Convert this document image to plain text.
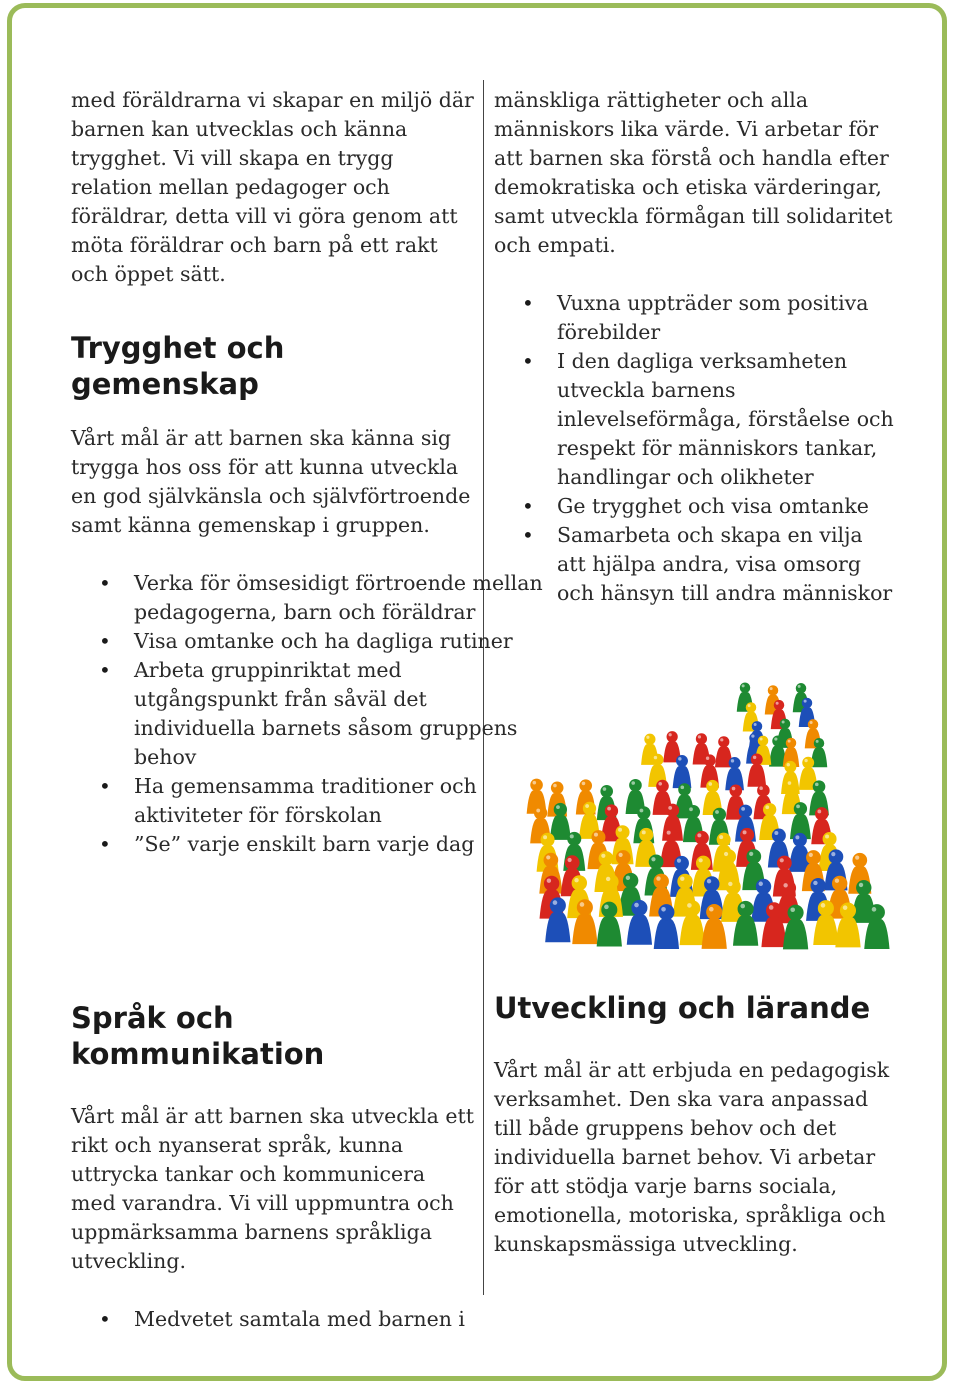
med föräldrarna vi skapar en miljö där barnen kan utvecklas och känna trygghet. Vi vill skapa en trygg relation mellan pedagoger och föräldrar, detta vill vi göra genom att möta föräldrar och barn på ett rakt och öppet sätt.

Trygghet och gemenskap

Vårt mål är att barnen ska känna sig trygga hos oss för att kunna utveckla en god självkänsla och självförtroende samt känna gemenskap i gruppen.

• Verka för ömsesidigt förtroende mellan pedagogerna, barn och föräldrar
• Visa omtanke och ha dagliga rutiner
• Arbeta gruppinriktat med utgångspunkt från såväl det individuella barnets såsom gruppens behov
• Ha gemensamma traditioner och aktiviteter för förskolan
• ”Se” varje enskilt barn varje dag
Språk och kommunikation

Vårt mål är att barnen ska utveckla ett rikt och nyanserat språk, kunna uttrycka tankar och kommunicera med varandra. Vi vill uppmuntra och uppmärksamma barnens språkliga utveckling.

• Medvetet samtala med barnen i

mänskliga rättigheter och alla människors lika värde. Vi arbetar för att barnen ska förstå och handla efter demokratiska och etiska värderingar, samt utveckla förmågan till solidaritet och empati.

• Vuxna uppträder som positiva förebilder
• I den dagliga verksamheten utveckla barnens inlevelseförmåga, förståelse och respekt för människors tankar, handlingar och olikheter
• Ge trygghet och visa omtanke
• Samarbeta och skapa en vilja att hjälpa andra, visa omsorg och hänsyn till andra människor
Utveckling och lärande

Vårt mål är att erbjuda en pedagogisk verksamhet. Den ska vara anpassad till både gruppens behov och det individuella barnet behov. Vi arbetar för att stödja varje barns sociala, emotionella, motoriska, språkliga och kunskapsmässiga utveckling.
